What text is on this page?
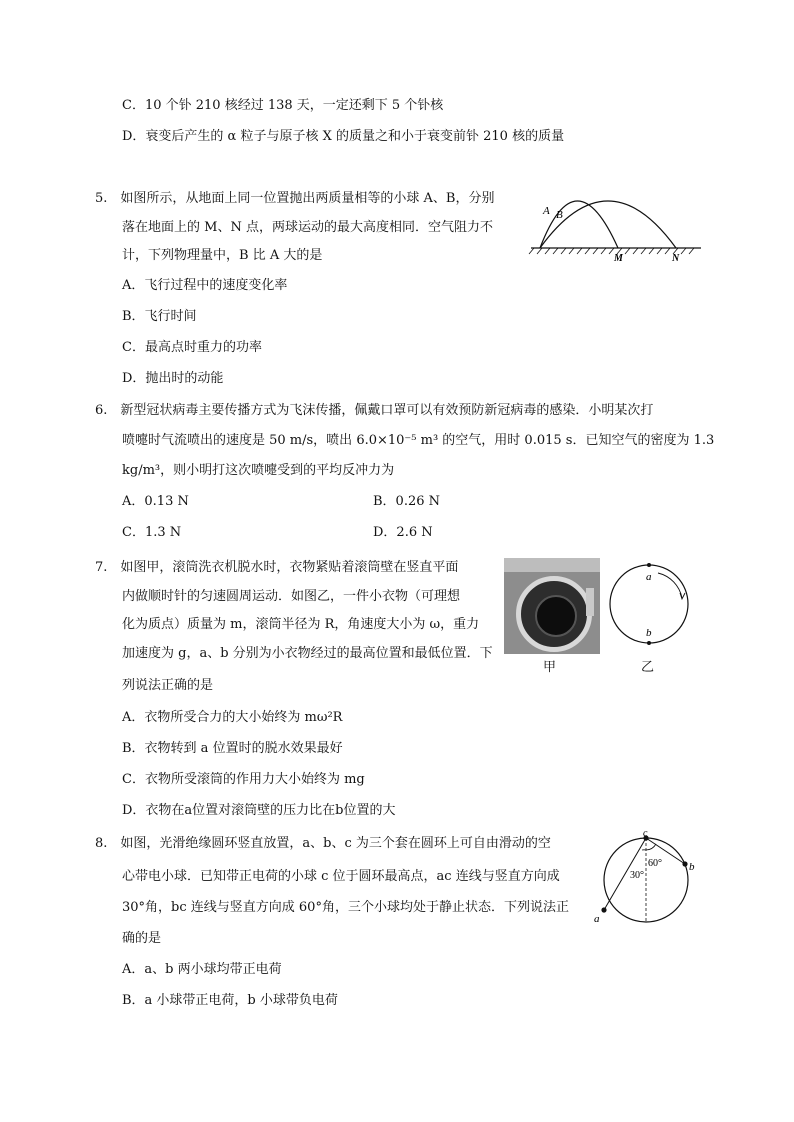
C．10 个钋 210 核经过 138 天，一定还剩下 5 个钋核
D．衰变后产生的 α 粒子与原子核 X 的质量之和小于衰变前钋 210 核的质量
5.　如图所示，从地面上同一位置抛出两质量相等的小球 A、B，分别
落在地面上的 M、N 点，两球运动的最大高度相同．空气阻力不
计，下列物理量中，B 比 A 大的是
A．飞行过程中的速度变化率
B．飞行时间
C．最高点时重力的功率
D．抛出时的动能
A B
M	N
6.　新型冠状病毒主要传播方式为飞沫传播，佩戴口罩可以有效预防新冠病毒的感染．小明某次打
喷嚏时气流喷出的速度是 50 m/s，喷出 6.0×10⁻⁵ m³ 的空气，用时 0.015 s．已知空气的密度为 1.3
kg/m³，则小明打这次喷嚏受到的平均反冲力为
A．0.13 N	B．0.26 N
7.　如图甲，滚筒洗衣机脱水时，衣物紧贴着滚筒壁在竖直平面
内做顺时针的匀速圆周运动．如图乙，一件小衣物（可理想
化为质点）质量为 m，滚筒半径为 R，角速度大小为 ω，重力
加速度为 g，a、b 分别为小衣物经过的最高位置和最低位置．下
列说法正确的是
A．衣物所受合力的大小始终为 mω²R
B．衣物转到 a 位置时的脱水效果最好
C．衣物所受滚筒的作用力大小始终为 mg
D．衣物在a位置对滚筒壁的压力比在b位置的大
甲
a
b
乙
8.　如图，光滑绝缘圆环竖直放置，a、b、c 为三个套在圆环上可自由滑动的空
心带电小球．已知带正电荷的小球 c 位于圆环最高点，ac 连线与竖直方向成
30°角，bc 连线与竖直方向成 60°角，三个小球均处于静止状态．下列说法正
确的是
A．a、b 两小球均带正电荷
B．a 小球带正电荷，b 小球带负电荷
c
b
a
30°
60°
C．1.3 N	D．2.6 N
